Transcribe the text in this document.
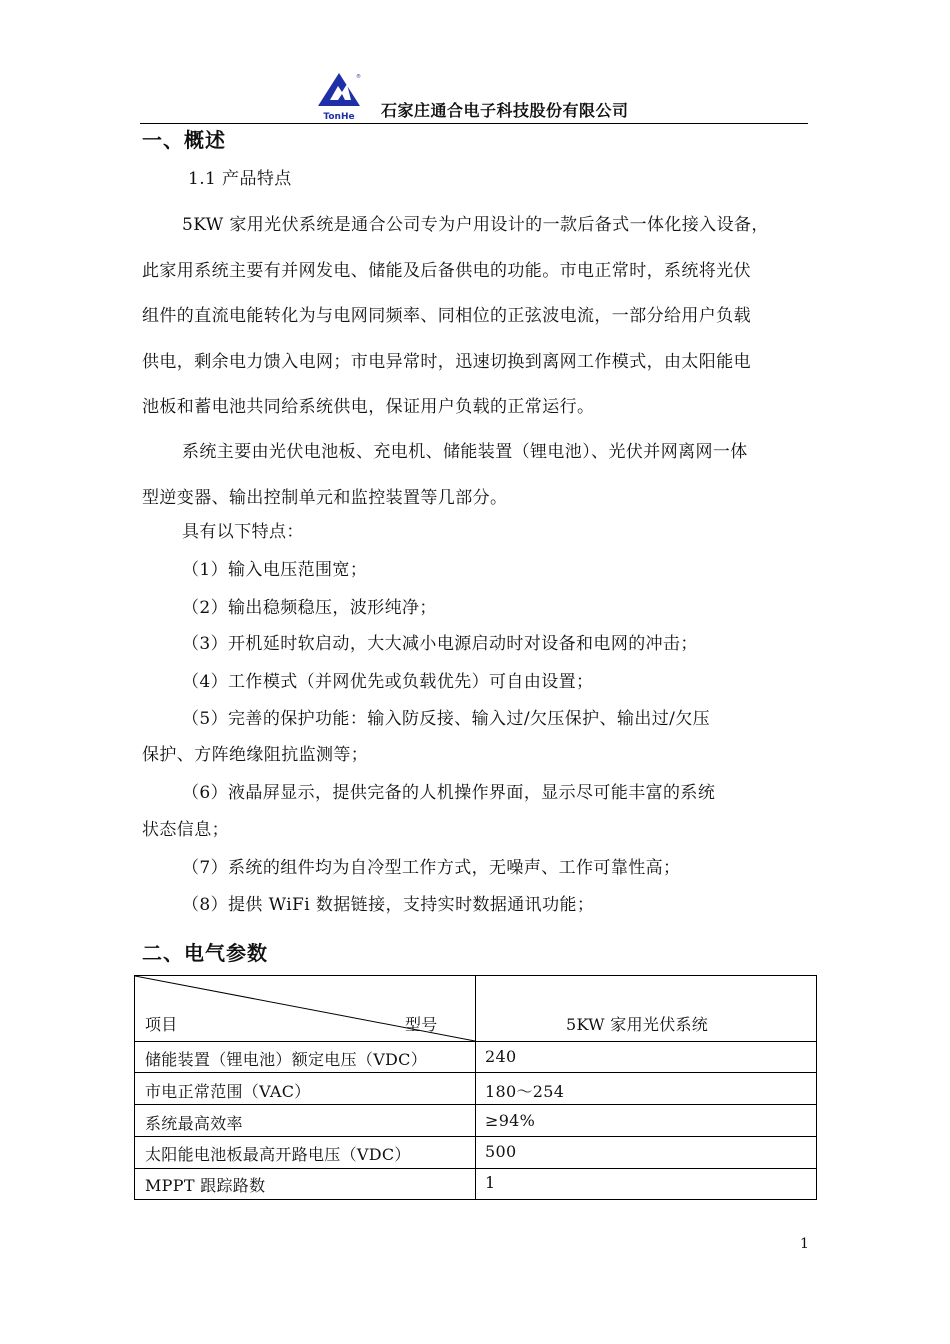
®
TonHe 石家庄通合电子科技股份有限公司
一、概述
1.1 产品特点
5KW 家用光伏系统是通合公司专为户用设计的一款后备式一体化接入设备，
此家用系统主要有并网发电、储能及后备供电的功能。市电正常时，系统将光伏
组件的直流电能转化为与电网同频率、同相位的正弦波电流，一部分给用户负载
供电，剩余电力馈入电网；市电异常时，迅速切换到离网工作模式，由太阳能电
池板和蓄电池共同给系统供电，保证用户负载的正常运行。
系统主要由光伏电池板、充电机、储能装置（锂电池）、光伏并网离网一体
型逆变器、输出控制单元和监控装置等几部分。
具有以下特点：
（1）输入电压范围宽；
（2）输出稳频稳压，波形纯净；
（3）开机延时软启动，大大减小电源启动时对设备和电网的冲击；
（4）工作模式（并网优先或负载优先）可自由设置；
（5）完善的保护功能：输入防反接、输入过/欠压保护、输出过/欠压
保护、方阵绝缘阻抗监测等；
（6）液晶屏显示，提供完备的人机操作界面，显示尽可能丰富的系统
状态信息；
（7）系统的组件均为自冷型工作方式，无噪声、工作可靠性高；
（8）提供 WiFi 数据链接，支持实时数据通讯功能；
二、电气参数
项目	型号	5KW 家用光伏系统
储能装置（锂电池）额定电压（VDC）	240
市电正常范围（VAC）	180～254
系统最高效率	≥94%
太阳能电池板最高开路电压（VDC）	500
MPPT 跟踪路数	1
1
